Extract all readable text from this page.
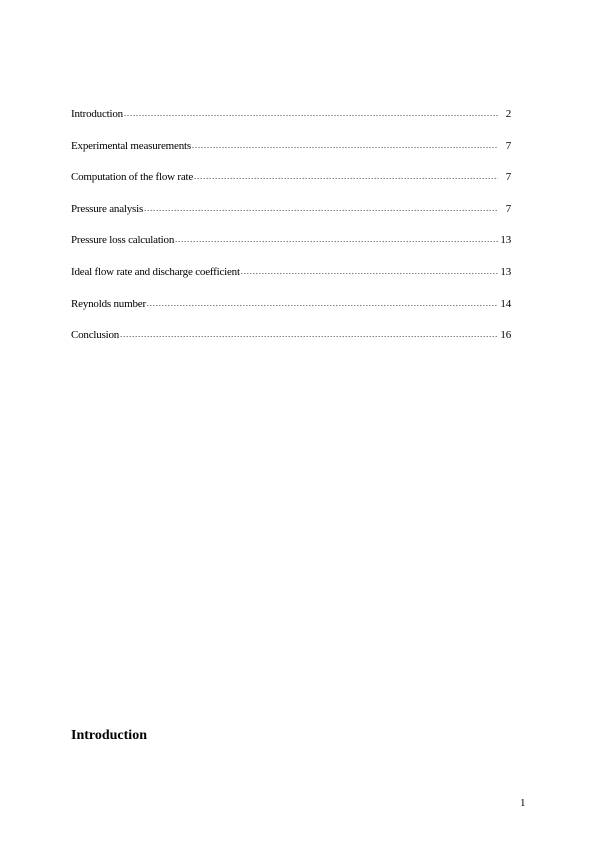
Introduction .....	2
Experimental measurements .....	7
Computation of the flow rate .....	7
Pressure analysis .....	7
Pressure loss calculation .....	13
Ideal flow rate and discharge coefficient .....	13
Reynolds number .....	14
Conclusion .....	16
Introduction
1
